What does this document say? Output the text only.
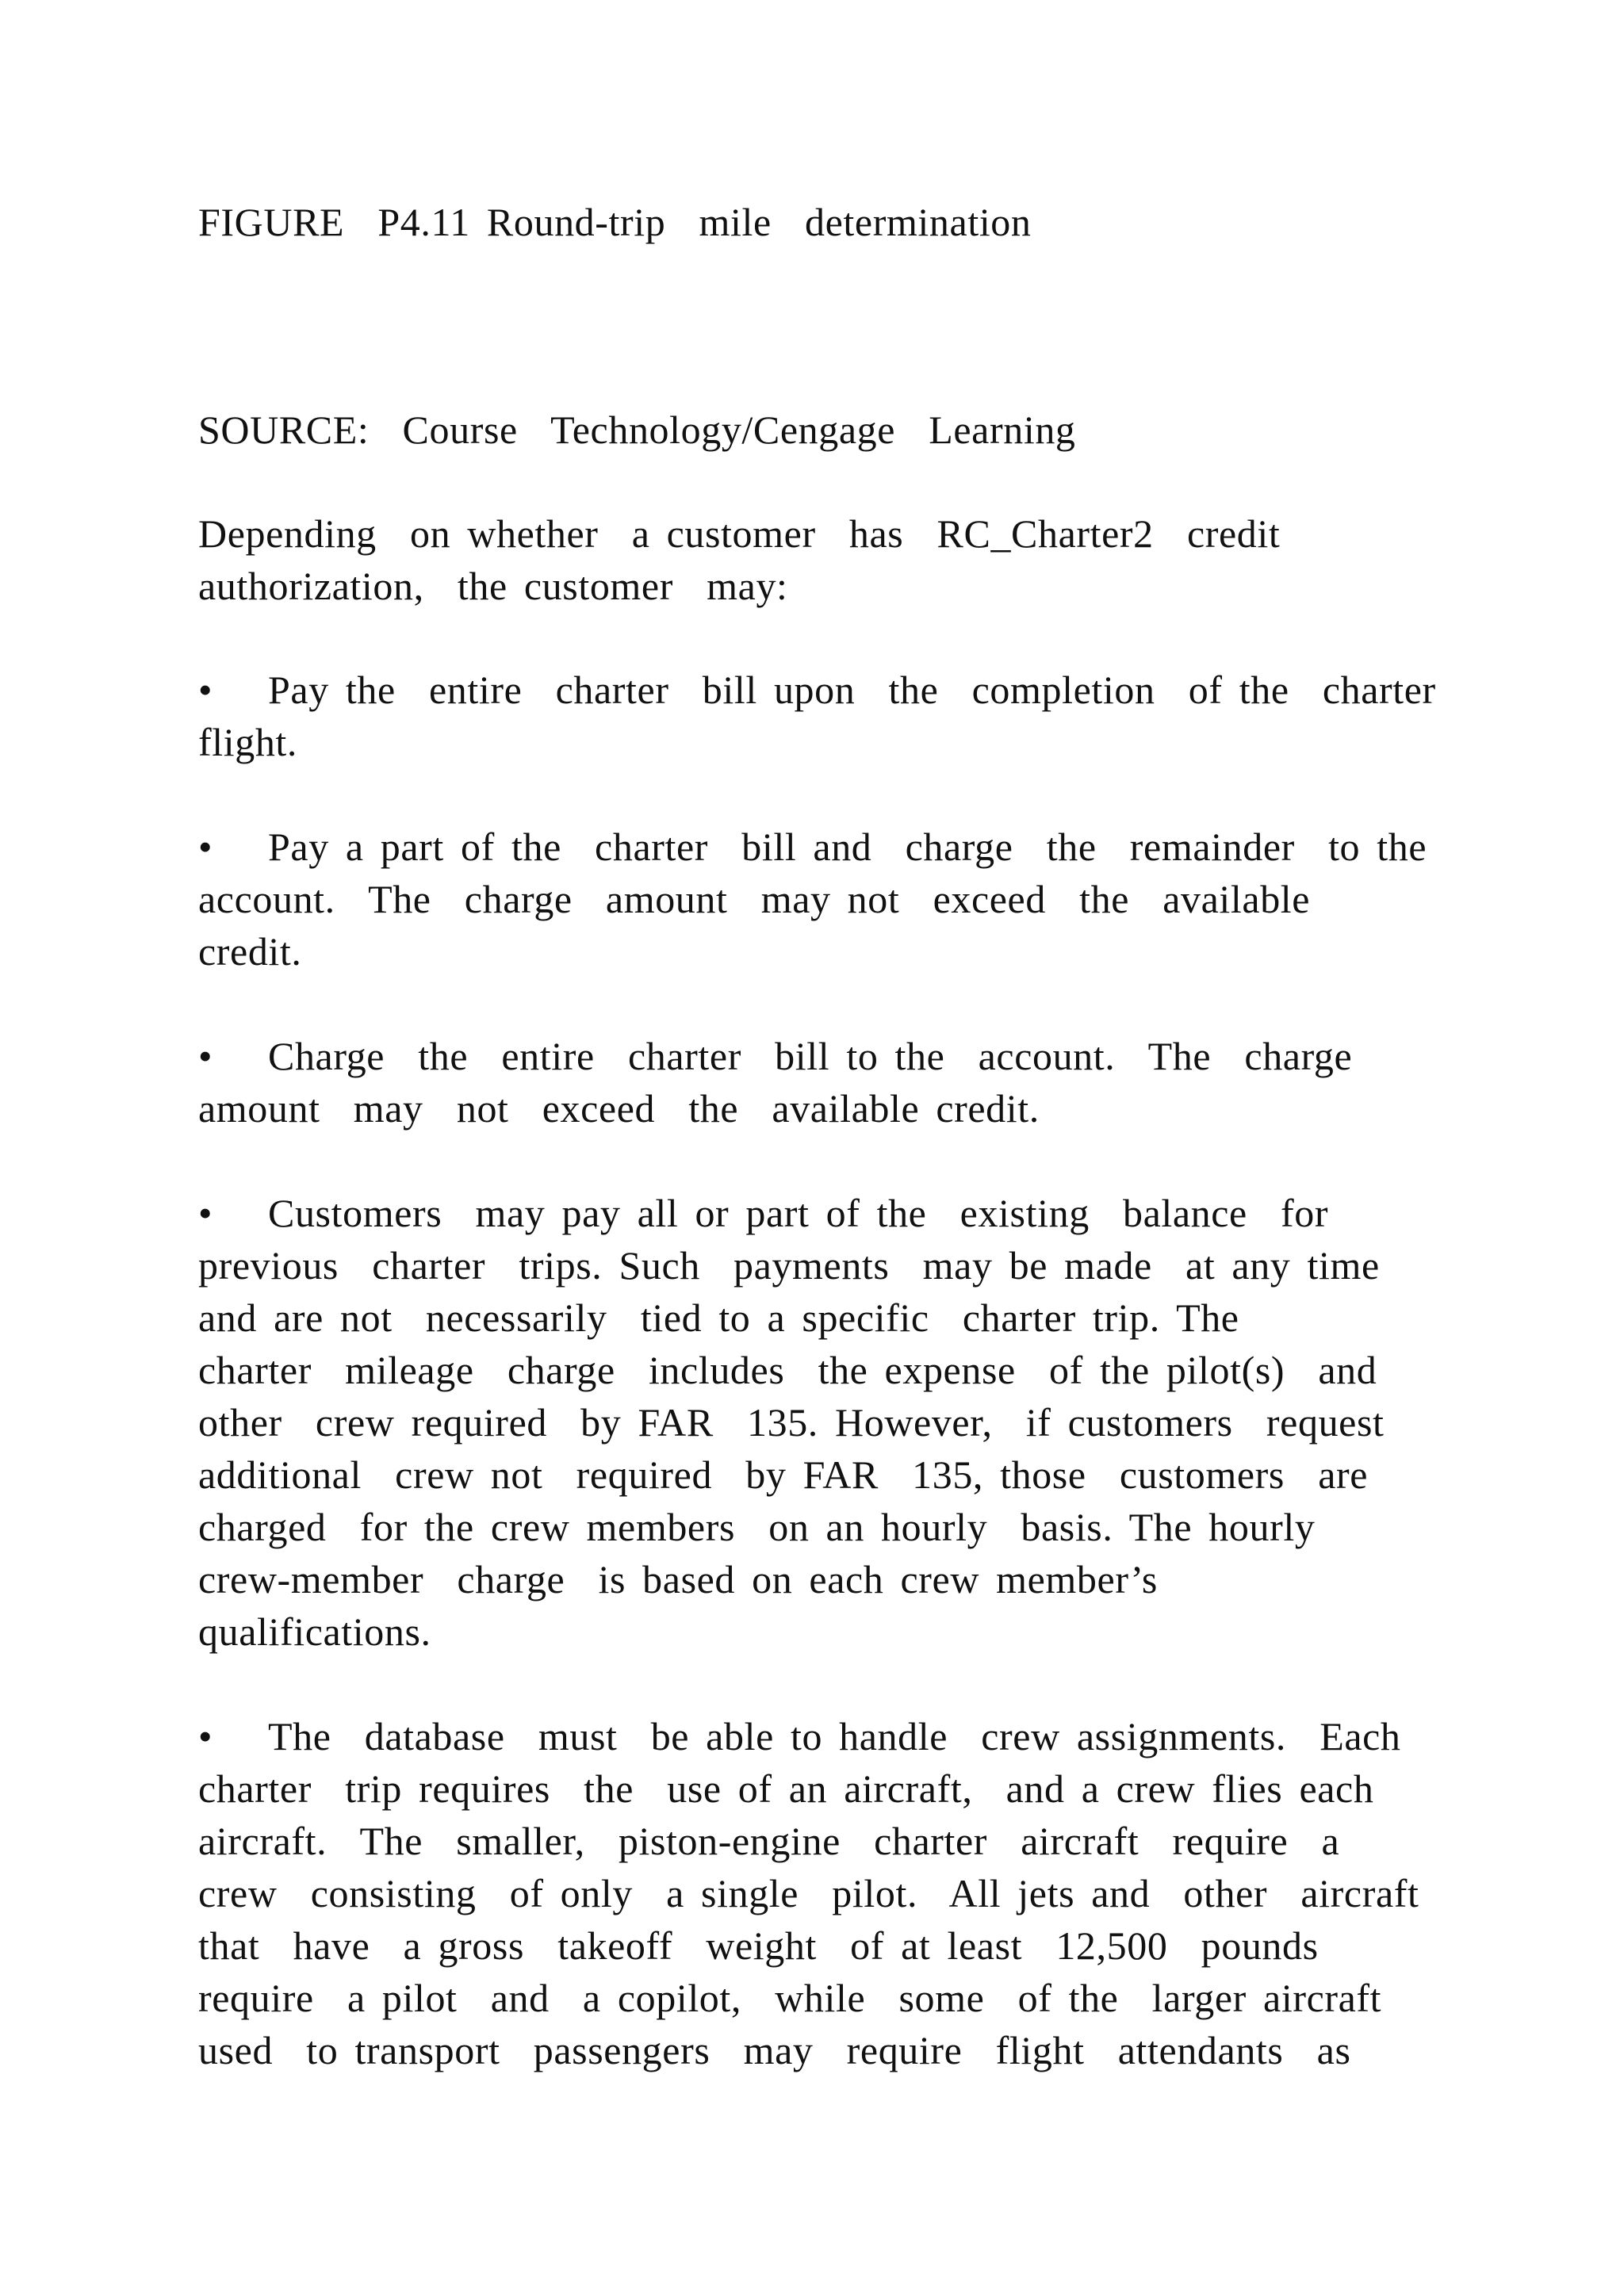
FIGURE  P4.11 Round-trip  mile  determination
SOURCE:  Course  Technology/Cengage  Learning
Depending  on whether  a customer  has  RC_Charter2  credit
authorization,  the customer  may:
• Pay the  entire  charter  bill upon  the  completion  of the  charter
flight.
• Pay a part of the  charter  bill and  charge  the  remainder  to the
account.  The  charge  amount  may not  exceed  the  available
credit.
• Charge  the  entire  charter  bill to the  account.  The  charge
amount  may  not  exceed  the  available credit.
• Customers  may pay all or part of the  existing  balance  for
previous  charter  trips. Such  payments  may be made  at any time
and are not  necessarily  tied to a specific  charter trip. The
charter  mileage  charge  includes  the expense  of the pilot(s)  and
other  crew required  by FAR  135. However,  if customers  request
additional  crew not  required  by FAR  135, those  customers  are
charged  for the crew members  on an hourly  basis. The hourly
crew-member  charge  is based on each crew member’s
qualifications.
• The  database  must  be able to handle  crew assignments.  Each
charter  trip requires  the  use of an aircraft,  and a crew flies each
aircraft.  The  smaller,  piston-engine  charter  aircraft  require  a
crew  consisting  of only  a single  pilot.  All jets and  other  aircraft
that  have  a gross  takeoff  weight  of at least  12,500  pounds
require  a pilot  and  a copilot,  while  some  of the  larger aircraft
used  to transport  passengers  may  require  flight  attendants  as
